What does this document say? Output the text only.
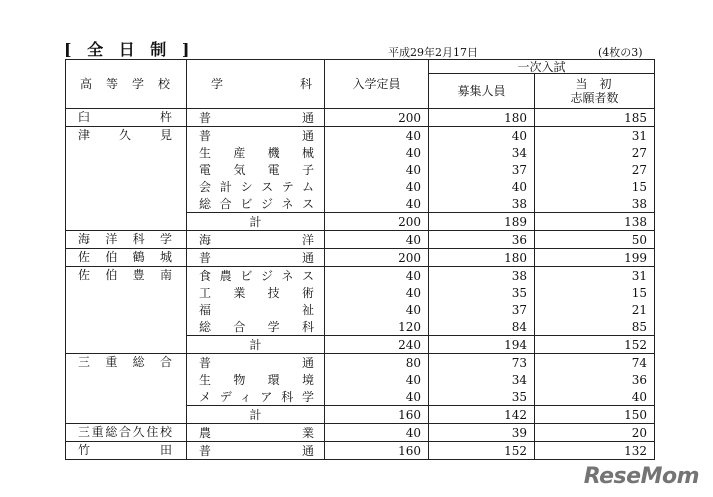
[ 全 日 制 ]	平成29年2月17日	(4枚の3)
高等学校	学科	入学定員	一次入試	
			募集人員	当初
志願者数

臼杵	普通	200	180	185
津久見	普通	40	40	31
	生産機械	40	34	27
	電気電子	40	37	27
	会計システム	40	40	15
	総合ビジネス	40	38	38
	計	200	189	138
海洋科学	海洋	40	36	50
佐伯鶴城	普通	200	180	199
佐伯豊南	食農ビジネス	40	38	31
	工業技術	40	35	15
	福祉	40	37	21
	総合学科	120	84	85
	計	240	194	152
三重総合	普通	80	73	74
	生物環境	40	34	36
	メディア科学	40	35	40
	計	160	142	150
三重総合久住校	農業	40	39	20
竹田	普通	160	152	132
ReseMom
